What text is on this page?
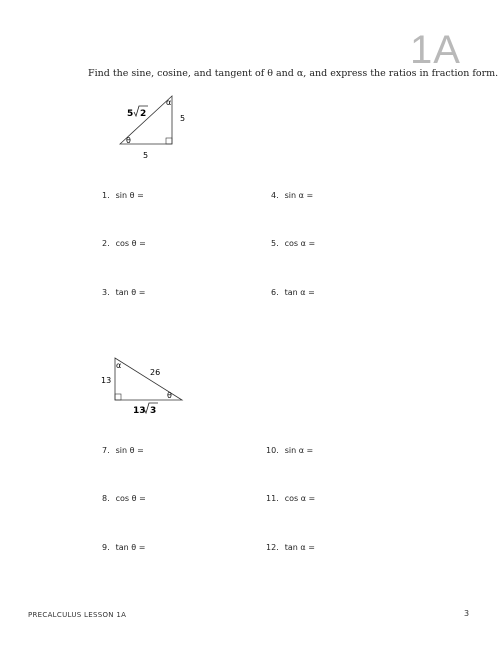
1A
Find the sine, cosine, and tangent of θ and α, and express the ratios in fraction form.
α
θ
5
5
5 2
1. sin θ =
2. cos θ =
3. tan θ =
4. sin α =
5. cos α =
6. tan α =
α
θ
13
26
13 3
7. sin θ =
8. cos θ =
9. tan θ =
10. sin α =
11. cos α =
12. tan α =
PRECALCULUS LESSON 1A	3
